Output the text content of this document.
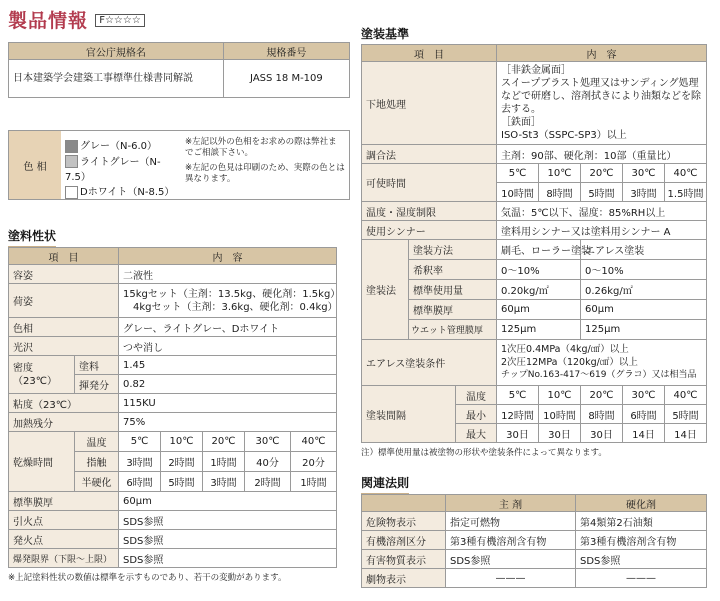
製品情報 F☆☆☆☆
官公庁規格名	規格番号
日本建築学会建築工事標準仕様書同解説	JASS 18 M-109
色 相
グレー（N-6.0）
ライトグレー（N-7.5）
Dホワイト（N-8.5）
※左記以外の色相をお求めの際は弊社までご相談下さい。
※左記の色見は印刷のため、実際の色とは異なります。
塗料性状
項　目		内　容				
容姿		二液性				
荷姿		15kgセット（主剤：13.5kg、硬化剤：1.5kg）
4kgセット（主剤：3.6kg、硬化剤：0.4kg）				

色相		グレー、ライトグレー、Dホワイト				
光沢		つや消し				
密度（23℃）	塗料	1.45				
	揮発分	0.82				
粘度（23℃）		115KU				
加熱残分		75%				
乾燥時間	温度	5℃	10℃	20℃	30℃	40℃
	指触	3時間	2時間	1時間	40分	20分
	半硬化	6時間	5時間	3時間	2時間	1時間
標準膜厚		60μm				
引火点		SDS参照				
発火点		SDS参照				
爆発限界（下限～上限）		SDS参照				
※上記塗料性状の数値は標準を示すものであり、若干の変動があります。
塗装基準
項　目			内　容				
下地処理			［非鉄金属面］
スイープブラスト処理又はサンディング処理などで研磨し、溶剤拭きにより油類などを除去する。
［鉄面］
ISO-St3（SSPC-SP3）以上				

調合法			主剤：90部、硬化剤：10部（重量比）				
可使時間			5℃	10℃	20℃	30℃	40℃
			10時間	8時間	5時間	3時間	1.5時間
温度・湿度制限			気温：5℃以下、湿度：85%RH以上				
使用シンナー			塗料用シンナー又は塗料用シンナー A				
塗装法	塗装方法		刷毛、ローラー塗装		エアレス塗装		
	希釈率		0～10%		0～10%		
	標準使用量		0.20kg/㎡		0.26kg/㎡		
	標準膜厚		60μm		60μm		
	ウエット管理膜厚		125μm		125μm		
エアレス塗装条件			1次圧0.4MPa（4kg/㎠）以上
2次圧12MPa（120kg/㎠）以上
チップNo.163-417～619（グラコ）又は相当品				

塗装間隔		温度	5℃	10℃	20℃	30℃	40℃
		最小	12時間	10時間	8時間	6時間	5時間
		最大	30日	30日	30日	14日	14日
注）標準使用量は被塗物の形状や塗装条件によって異なります。
関連法則
	主 剤	硬化剤
危険物表示	指定可燃物	第4類第2石油類
有機溶剤区分	第3種有機溶剤含有物	第3種有機溶剤含有物
有害物質表示	SDS参照	SDS参照
劇物表示	———	———
